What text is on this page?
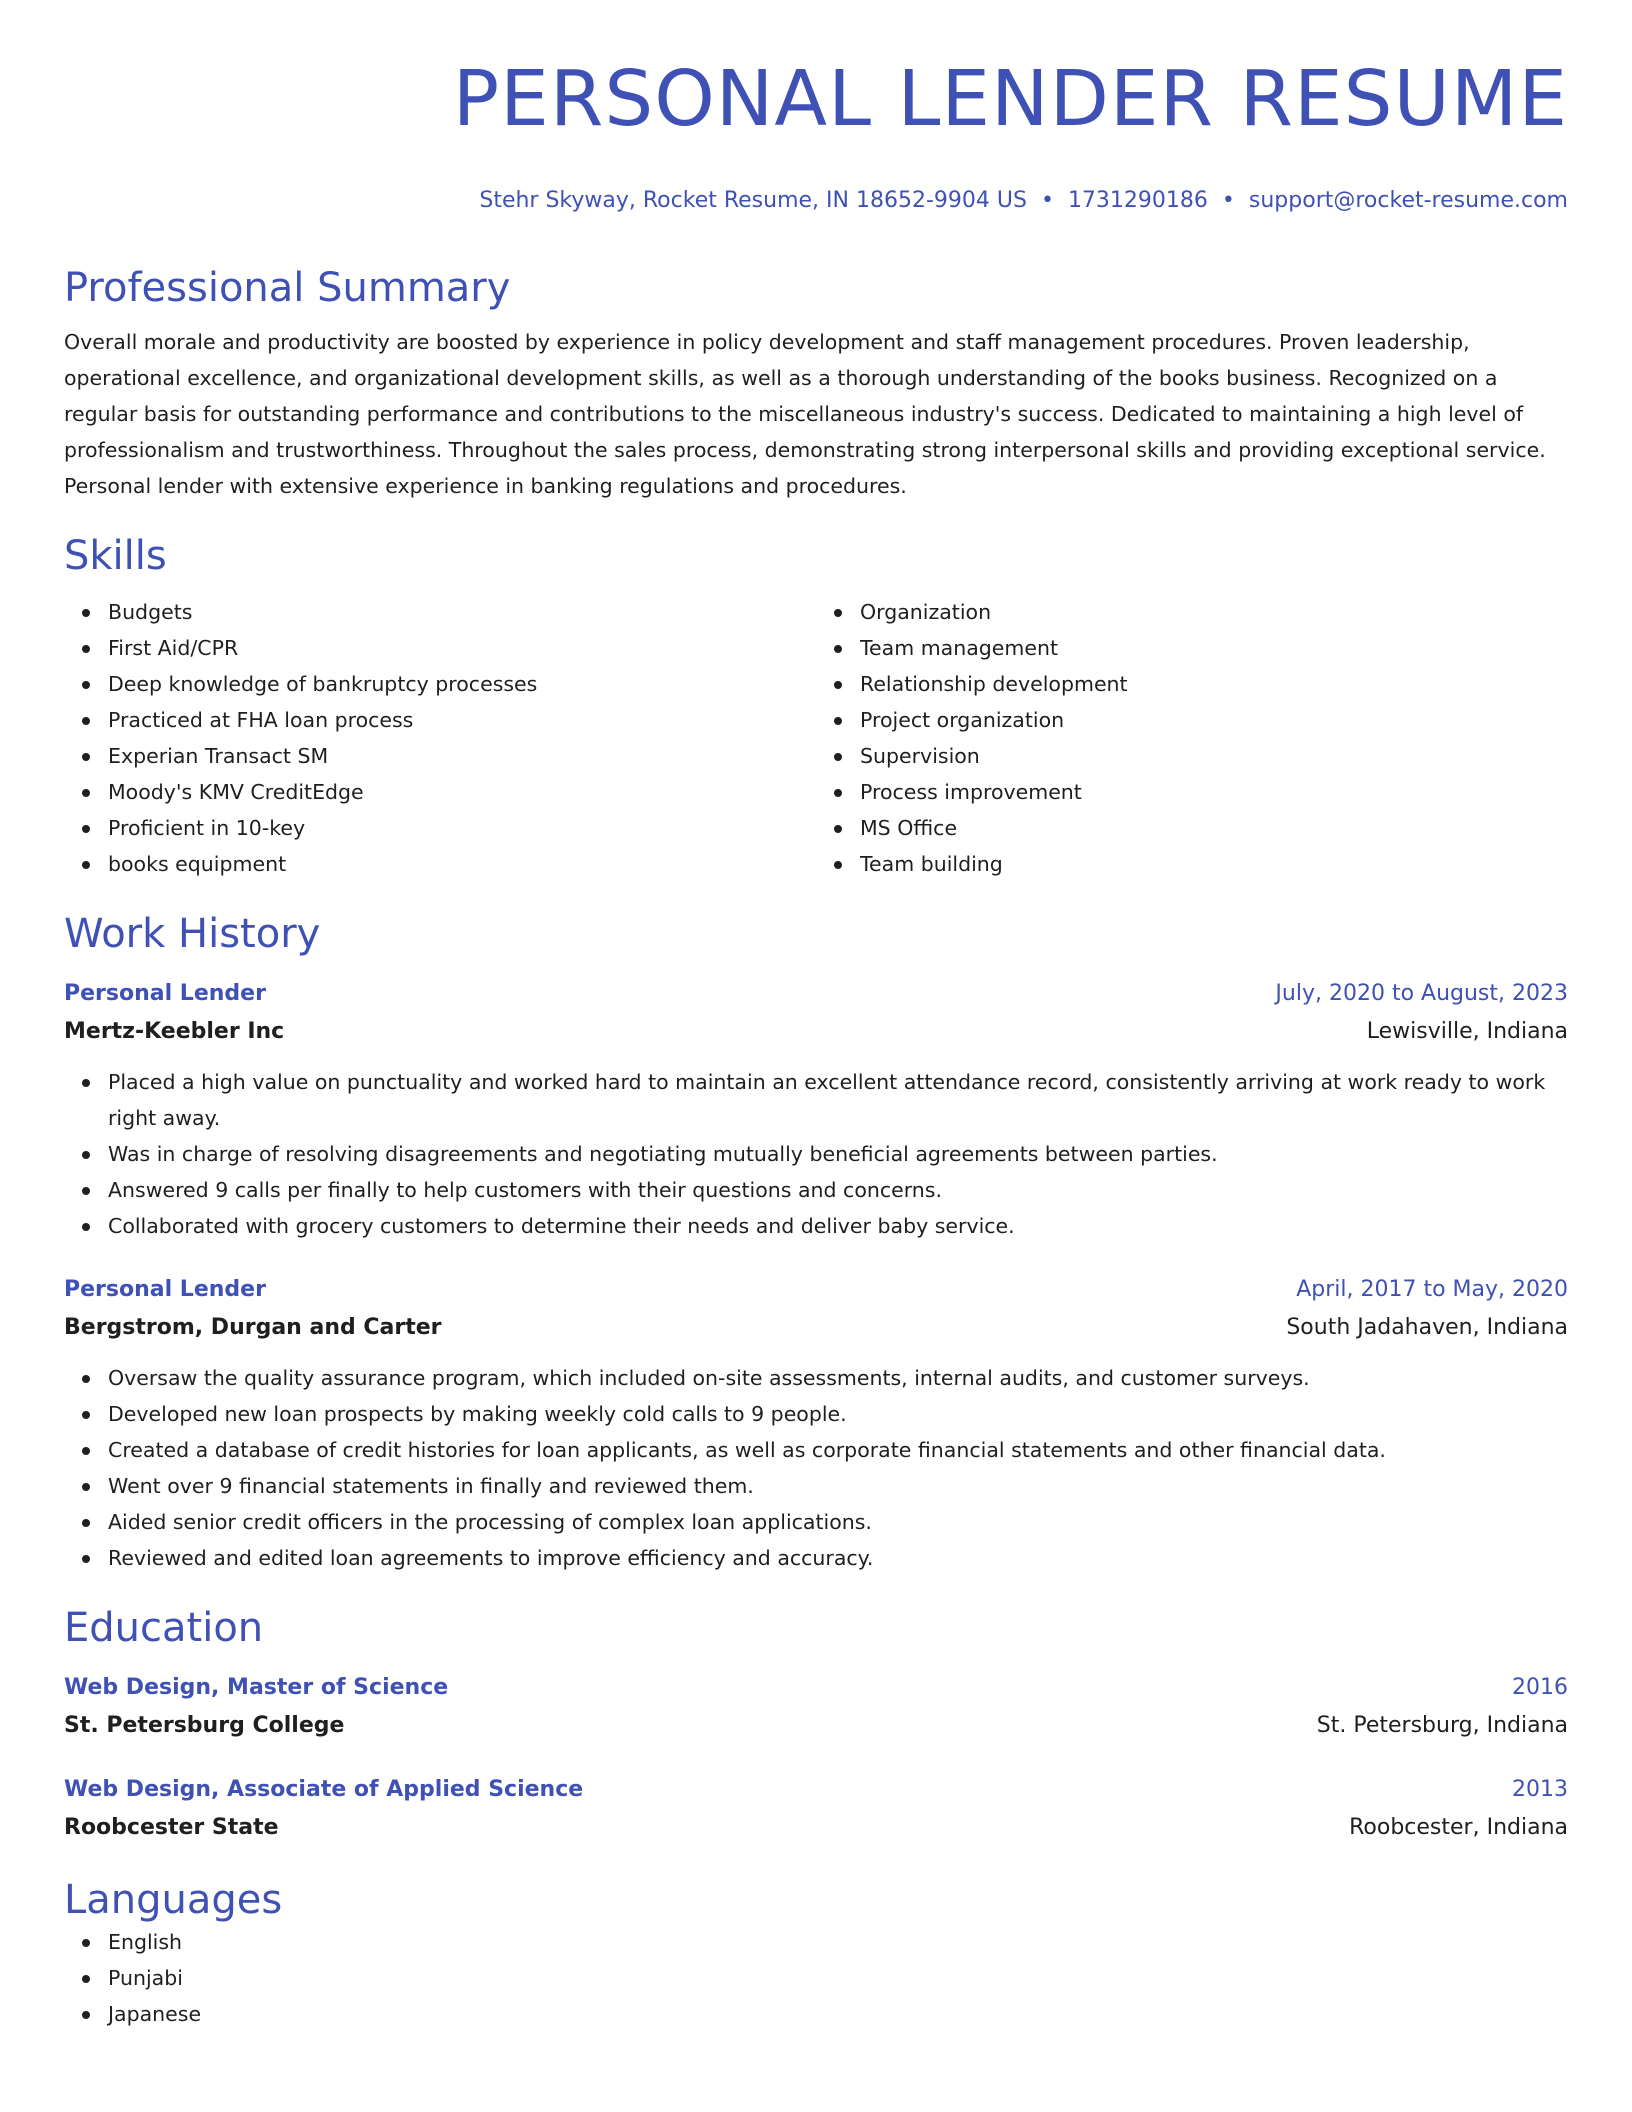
PERSONAL LENDER RESUME
Stehr Skyway, Rocket Resume, IN 18652-9904 US • 1731290186 • support@rocket-resume.com
Professional Summary
Overall morale and productivity are boosted by experience in policy development and staff management procedures. Proven leadership, operational excellence, and organizational development skills, as well as a thorough understanding of the books business. Recognized on a regular basis for outstanding performance and contributions to the miscellaneous industry's success. Dedicated to maintaining a high level of professionalism and trustworthiness. Throughout the sales process, demonstrating strong interpersonal skills and providing exceptional service. Personal lender with extensive experience in banking regulations and procedures.
Skills
Budgets
First Aid/CPR
Deep knowledge of bankruptcy processes
Practiced at FHA loan process
Experian Transact SM
Moody's KMV CreditEdge
Proficient in 10-key
books equipment
Organization
Team management
Relationship development
Project organization
Supervision
Process improvement
MS Office
Team building
Work History
Personal Lender	July, 2020 to August, 2023
Mertz-Keebler Inc	Lewisville, Indiana
Placed a high value on punctuality and worked hard to maintain an excellent attendance record, consistently arriving at work ready to work right away.
Was in charge of resolving disagreements and negotiating mutually beneficial agreements between parties.
Answered 9 calls per finally to help customers with their questions and concerns.
Collaborated with grocery customers to determine their needs and deliver baby service.
Personal Lender	April, 2017 to May, 2020
Bergstrom, Durgan and Carter	South Jadahaven, Indiana
Oversaw the quality assurance program, which included on-site assessments, internal audits, and customer surveys.
Developed new loan prospects by making weekly cold calls to 9 people.
Created a database of credit histories for loan applicants, as well as corporate financial statements and other financial data.
Went over 9 financial statements in finally and reviewed them.
Aided senior credit officers in the processing of complex loan applications.
Reviewed and edited loan agreements to improve efficiency and accuracy.
Education
Web Design, Master of Science	2016
St. Petersburg College	St. Petersburg, Indiana
Web Design, Associate of Applied Science	2013
Roobcester State	Roobcester, Indiana
Languages
English
Punjabi
Japanese
